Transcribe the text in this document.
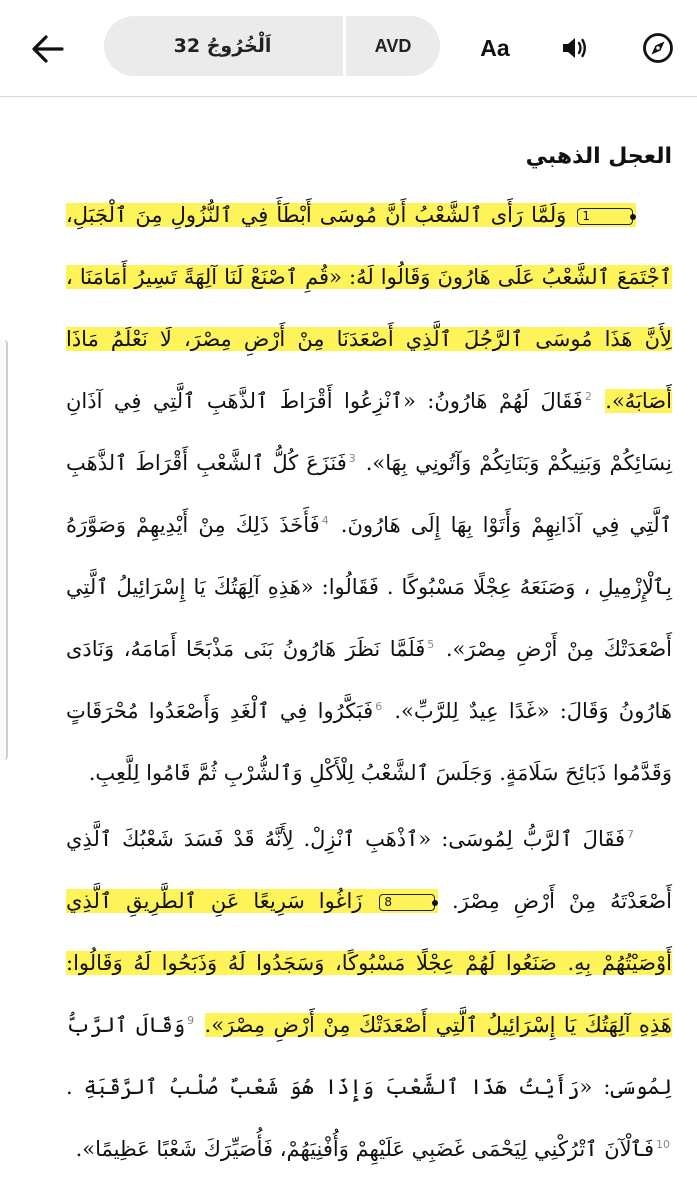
اَلْخُرُوجُ 32	AVD	Aa
العجل الذهبي

1 وَلَمَّا رَأَى ٱلشَّعْبُ أَنَّ مُوسَى أَبْطَأَ فِي ٱلنُّزُولِ مِنَ ٱلْجَبَلِ، ٱجْتَمَعَ ٱلشَّعْبُ عَلَى هَارُونَ وَقَالُوا لَهُ: «قُمِ ٱصْنَعْ لَنَا آلِهَةً تَسِيرُ أَمَامَنَا ، لِأَنَّ هَذَا مُوسَى ٱلرَّجُلَ ٱلَّذِي أَصْعَدَنَا مِنْ أَرْضِ مِصْرَ، لَا نَعْلَمُ مَاذَا أَصَابَهُ». $^2$فَقَالَ لَهُمْ هَارُونُ: «ٱنْزِعُوا أَقْرَاطَ ٱلذَّهَبِ ٱلَّتِي فِي آذَانِ نِسَائِكُمْ وَبَنِيكُمْ وَبَنَاتِكُمْ وَآتُونِي بِهَا». $^3$فَنَزَعَ كُلُّ ٱلشَّعْبِ أَقْرَاطَ ٱلذَّهَبِ ٱلَّتِي فِي آذَانِهِمْ وَأَتَوْا بِهَا إِلَى هَارُونَ. $^4$فَأَخَذَ ذَلِكَ مِنْ أَيْدِيهِمْ وَصَوَّرَهُ بِٱلْإِزْمِيلِ ، وَصَنَعَهُ عِجْلًا مَسْبُوكًا . فَقَالُوا: «هَذِهِ آلِهَتُكَ يَا إِسْرَائِيلُ ٱلَّتِي أَصْعَدَتْكَ مِنْ أَرْضِ مِصْرَ». $^5$فَلَمَّا نَظَرَ هَارُونُ بَنَى مَذْبَحًا أَمَامَهُ، وَنَادَى هَارُونُ وَقَالَ: «غَدًا عِيدٌ لِلرَّبِّ». $^6$فَبَكَّرُوا فِي ٱلْغَدِ وَأَصْعَدُوا مُحْرَقَاتٍ وَقَدَّمُوا ذَبَائِحَ سَلَامَةٍ. وَجَلَسَ ٱلشَّعْبُ لِلْأَكْلِ وَٱلشُّرْبِ ثُمَّ قَامُوا لِلَّعِبِ.

$^7$فَقَالَ ٱلرَّبُّ لِمُوسَى: «ٱذْهَبِ ٱنْزِلْ. لِأَنَّهُ قَدْ فَسَدَ شَعْبُكَ ٱلَّذِي أَصْعَدْتَهُ مِنْ أَرْضِ مِصْرَ. 8 زَاغُوا سَرِيعًا عَنِ ٱلطَّرِيقِ ٱلَّذِي أَوْصَيْتُهُمْ بِهِ. صَنَعُوا لَهُمْ عِجْلًا مَسْبُوكًا، وَسَجَدُوا لَهُ وَذَبَحُوا لَهُ وَقَالُوا: هَذِهِ آلِهَتُكَ يَا إِسْرَائِيلُ ٱلَّتِي أَصْعَدَتْكَ مِنْ أَرْضِ مِصْرَ». $^9$وَقَالَ ٱلرَّبُّ لِمُوسَى: «رَأَيْتُ هَذَا ٱلشَّعْبَ وَإِذَا هُوَ شَعْبٌ صُلْبُ ٱلرَّقَبَةِ . $^{10}$فَٱلْآنَ ٱتْرُكْنِي لِيَحْمَى غَضَبِي عَلَيْهِمْ وَأُفْنِيَهُمْ، فَأُصَيِّرَكَ شَعْبًا عَظِيمًا».
